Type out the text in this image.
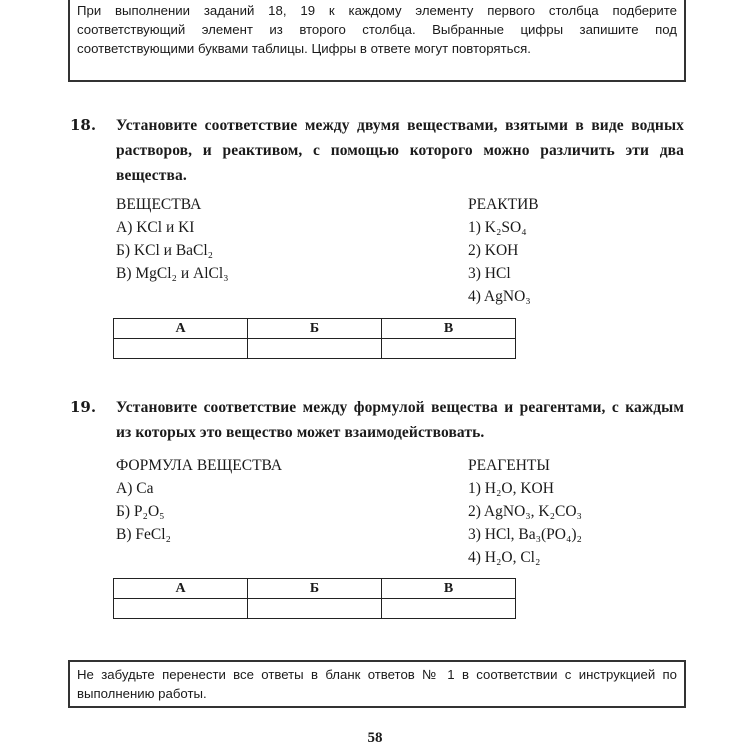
При выполнении заданий 18, 19 к каждому элементу первого столбца подберите соответствующий элемент из второго столбца. Выбранные цифры запишите под соответствующими буквами таблицы. Цифры в ответе могут повторяться.
18. Установите соответствие между двумя веществами, взятыми в виде водных растворов, и реактивом, с помощью которого можно различить эти два вещества.
ВЕЩЕСТВА
А) KCl и KI
Б) KCl и BaCl₂
В) MgCl₂ и AlCl₃
РЕАКТИВ
1) K₂SO₄
2) KOH
3) HCl
4) AgNO₃
А	Б	В

19. Установите соответствие между формулой вещества и реагентами, с каждым из которых это вещество может взаимодействовать.
ФОРМУЛА ВЕЩЕСТВА
А) Ca
Б) P₂O₅
В) FeCl₂
РЕАГЕНТЫ
1) H₂O, KOH
2) AgNO₃, K₂CO₃
3) HCl, Ba₃(PO₄)₂
4) H₂O, Cl₂
А	Б	В

Не забудьте перенести все ответы в бланк ответов № 1 в соответствии с инструкцией по выполнению работы.
58
